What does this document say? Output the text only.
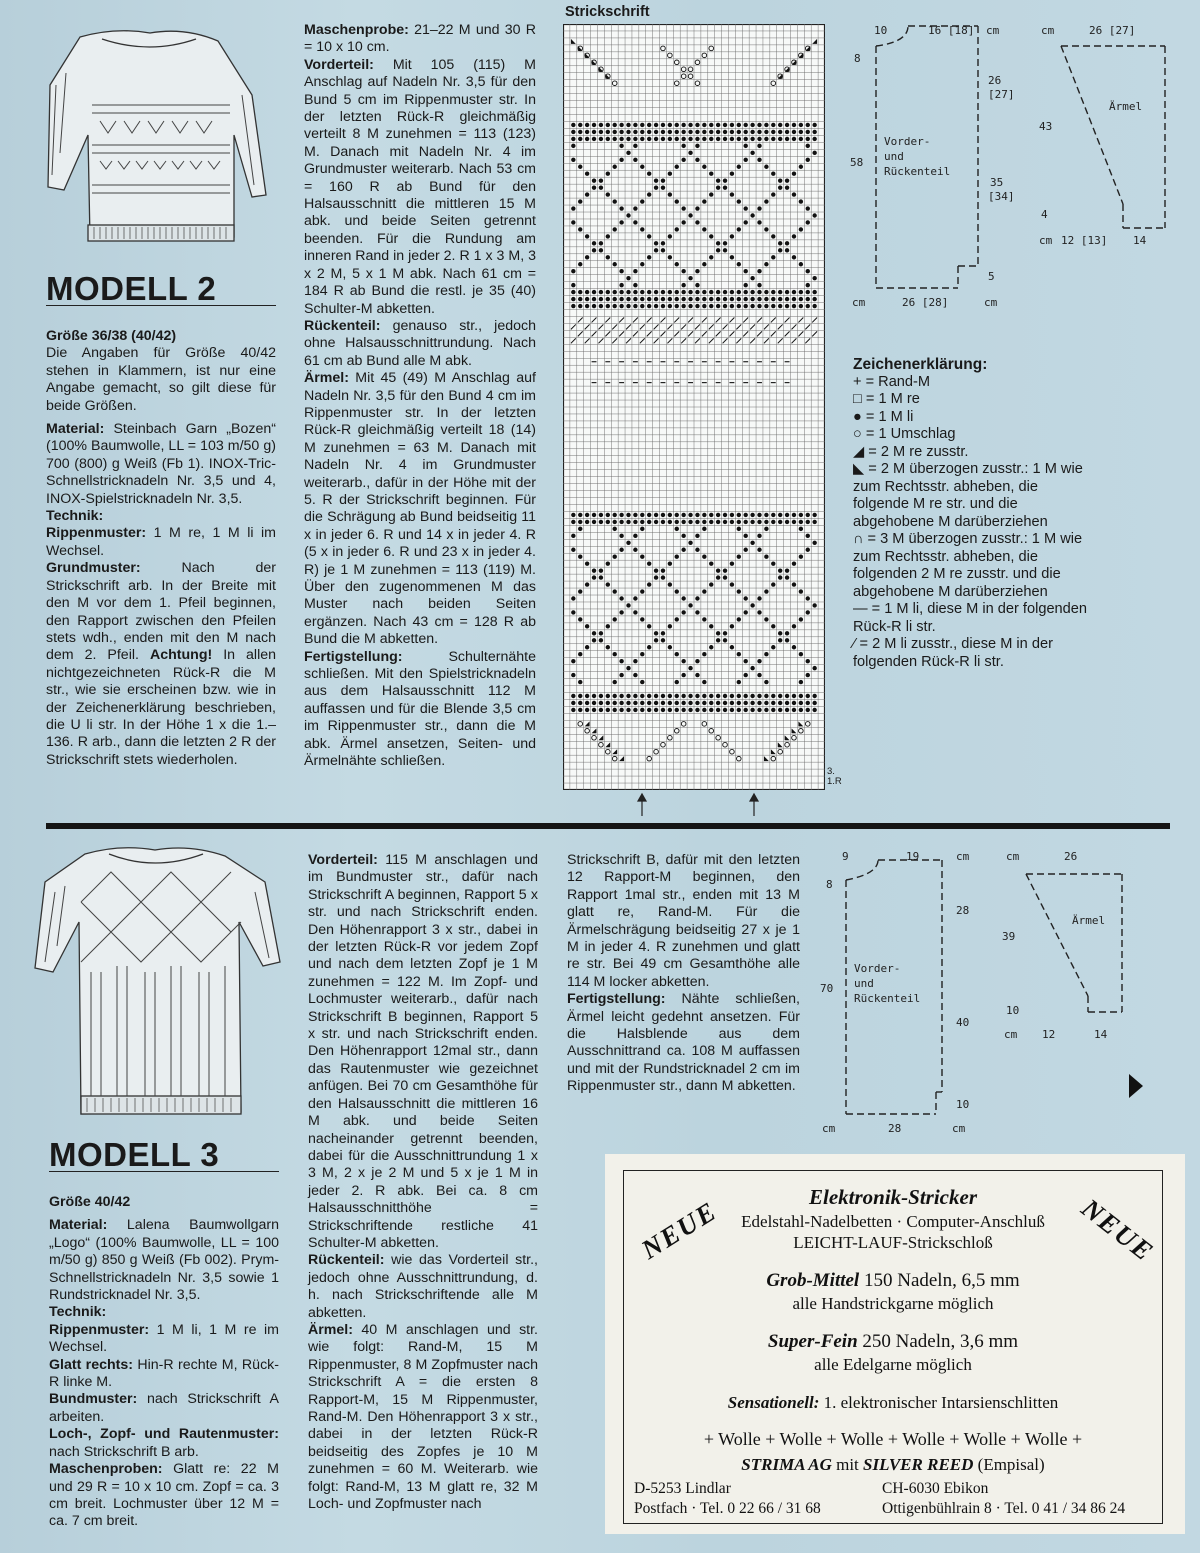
MODELL 2

Größe 36/38 (40/42)

Die Angaben für Größe 40/42 stehen in Klammern, ist nur eine Angabe gemacht, so gilt diese für beide Größen.

Material: Steinbach Garn „Bozen“ (100% Baumwolle, LL = 103 m/50 g) 700 (800) g Weiß (Fb 1). INOX-Tric-Schnellstricknadeln Nr. 3,5 und 4, INOX-Spielstricknadeln Nr. 3,5.

Technik:

Rippenmuster: 1 M re, 1 M li im Wechsel.

Grundmuster:	Nach der Strickschrift arb. In der Breite mit den M vor dem 1. Pfeil beginnen, den Rapport zwischen den Pfeilen stets wdh., enden mit den M nach dem 2. Pfeil. Achtung! In allen nichtgezeichneten Rück-R die M str., wie sie erscheinen bzw. wie in der Zeichenerklärung beschrieben, die U li str. In der Höhe 1 x die 1.–136. R arb., dann die letzten 2 R der Strickschrift stets wiederholen.

Maschenprobe: 21–22 M und 30 R = 10 x 10 cm.

Vorderteil: Mit 105 (115) M Anschlag auf Nadeln Nr. 3,5 für den Bund 5 cm im Rippenmuster str. In der letzten Rück-R gleichmäßig verteilt 8 M zunehmen = 113 (123) M. Danach mit Nadeln Nr. 4 im Grundmuster weiterarb. Nach 53 cm = 160 R ab Bund für den Halsausschnitt die mittleren 15 M abk. und beide Seiten getrennt beenden. Für die Rundung am inneren Rand in jeder 2. R 1 x 3 M, 3 x 2 M, 5 x 1 M abk. Nach 61 cm = 184 R ab Bund die restl. je 35 (40) Schulter-M abketten.

Rückenteil: genauso str., jedoch ohne Halsausschnittrundung. Nach 61 cm ab Bund alle M abk.

Ärmel: Mit 45 (49) M Anschlag auf Nadeln Nr. 3,5 für den Bund 4 cm im Rippenmuster str. In der letzten Rück-R gleichmäßig verteilt 18 (14) M zunehmen = 63 M. Danach mit Nadeln Nr. 4 im Grundmuster weiterarb., dafür in der Höhe mit der 5. R der Strickschrift beginnen. Für die Schrägung ab Bund beidseitig 11 x in jeder 6. R und 14 x in jeder 4. R (5 x in jeder 6. R und 23 x in jeder 4. R) je 1 M zunehmen = 113 (119) M. Über den zugenommenen M das Muster nach beiden Seiten ergänzen. Nach 43 cm = 128 R ab Bund die M abketten.

Fertigstellung:	Schulternähte schließen. Mit den Spielstricknadeln aus dem Halsausschnitt 112 M auffassen und für die Blende 3,5 cm im Rippenmuster str., dann die M abk. Ärmel ansetzen, Seiten- und Ärmelnähte schließen.

Strickschrift
3.
1.R
10	16 [18] cm
8
26
[27]
58
35
[34]
5
cm	26 [28]	cm
Vorder-
und
Rückenteil
cm	26 [27]
43
Ärmel
4
cm 12 [13] 14
Zeichenerklärung:
+ = Rand-M
□ = 1 M re
● = 1 M li
○ = 1 Umschlag
◢ = 2 M re zusstr.
◣ = 2 M überzogen zusstr.: 1 M wie zum Rechtsstr. abheben, die folgende M re str. und die abgehobene M darüberziehen
∩ = 3 M überzogen zusstr.: 1 M wie zum Rechtsstr. abheben, die folgenden 2 M re zusstr. und die abgehobene M darüberziehen
— = 1 M li, diese M in der folgenden Rück-R li str.
∕ = 2 M li zusstr., diese M in der folgenden Rück-R li str.
MODELL 3

Größe 40/42

Material: Lalena Baumwollgarn „Logo“ (100% Baumwolle, LL = 100 m/50 g) 850 g Weiß (Fb 002). Prym-Schnellstricknadeln Nr. 3,5 sowie 1 Rundstricknadel Nr. 3,5.

Technik:

Rippenmuster: 1 M li, 1 M re im Wechsel.

Glatt rechts: Hin-R rechte M, Rück-R linke M.

Bundmuster: nach Strickschrift A arbeiten.

Loch-, Zopf- und Rautenmuster: nach Strickschrift B arb.

Maschenproben: Glatt re: 22 M und 29 R = 10 x 10 cm. Zopf = ca. 3 cm breit. Lochmuster über 12 M = ca. 7 cm breit.

Vorderteil: 115 M anschlagen und im Bundmuster str., dafür nach Strickschrift A beginnen, Rapport 5 x str. und nach Strickschrift enden. Den Höhenrapport 3 x str., dabei in der letzten Rück-R vor jedem Zopf und nach dem letzten Zopf je 1 M zunehmen = 122 M. Im Zopf- und Lochmuster weiterarb., dafür nach Strickschrift B beginnen, Rapport 5 x str. und nach Strickschrift enden. Den Höhenrapport 12mal str., dann das Rautenmuster wie gezeichnet anfügen. Bei 70 cm Gesamthöhe für den Halsausschnitt die mittleren 16 M abk. und beide Seiten nacheinander getrennt beenden, dabei für die Ausschnittrundung 1 x 3 M, 2 x je 2 M und 5 x je 1 M in jeder 2. R abk. Bei ca. 8 cm Halsausschnitthöhe = Strickschriftende restliche 41 Schulter-M abketten.

Rückenteil: wie das Vorderteil str., jedoch ohne Ausschnittrundung, d. h. nach Strickschriftende alle M abketten.

Ärmel: 40 M anschlagen und str. wie folgt: Rand-M, 15 M Rippenmuster, 8 M Zopfmuster nach Strickschrift A = die ersten 8 Rapport-M, 15 M Rippenmuster, Rand-M. Den Höhenrapport 3 x str., dabei in der letzten Rück-R beidseitig des Zopfes je 10 M zunehmen = 60 M. Weiterarb. wie folgt: Rand-M, 13 M glatt re, 32 M Loch- und Zopfmuster nach

Strickschrift B, dafür mit den letzten 12 Rapport-M beginnen, den Rapport 1mal str., enden mit 13 M glatt re, Rand-M. Für die Ärmelschrägung beidseitig 27 x je 1 M in jeder 4. R zunehmen und glatt re str. Bei 49 cm Gesamthöhe alle 114 M locker abketten.

Fertigstellung: Nähte schließen, Ärmel leicht gedehnt ansetzen. Für die Halsblende aus dem Ausschnittrand ca. 108 M auffassen und mit der Rundstricknadel 2 cm im Rippenmuster str., dann M abketten.

9	19	cm
8
28
70
40
10
cm	28	cm
Vorder-
und
Rückenteil
cm	26
39
Ärmel
10
cm 12	14
NEUE	NEUE
Elektronik-Stricker
Edelstahl-Nadelbetten · Computer-Anschluß
LEICHT-LAUF-Strickschloß
Grob-Mittel 150 Nadeln, 6,5 mm
alle Handstrickgarne möglich
Super-Fein 250 Nadeln, 3,6 mm
alle Edelgarne möglich
Sensationell: 1. elektronischer Intarsienschlitten
+ Wolle + Wolle + Wolle + Wolle + Wolle + Wolle +
STRIMA AG mit SILVER REED (Empisal)
D-5253 Lindlar
Postfach · Tel. 0 22 66 / 31 68
CH-6030 Ebikon
Ottigenbühlrain 8 · Tel. 0 41 / 34 86 24
